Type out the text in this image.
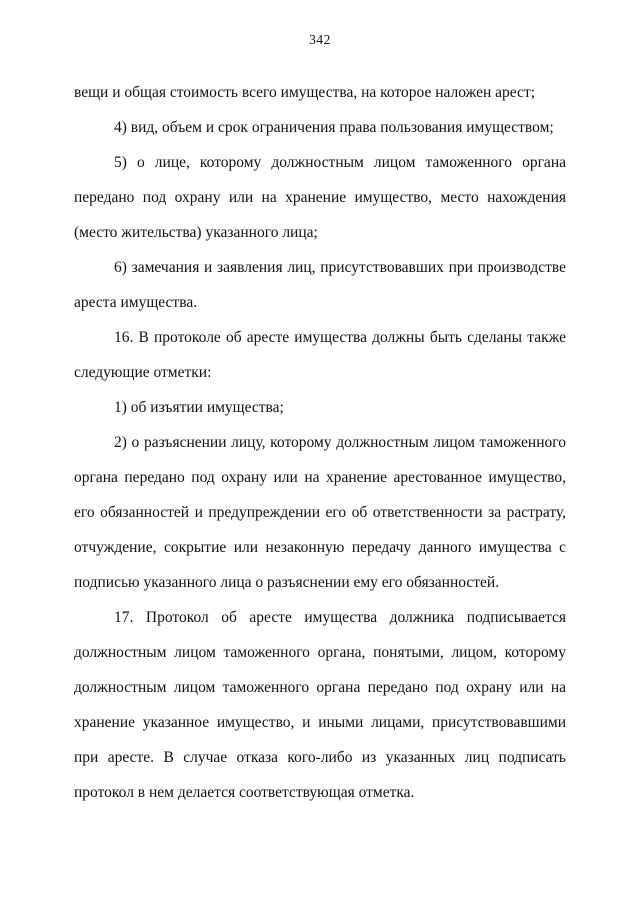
342

вещи и общая стоимость всего имущества, на которое наложен арест;

4) вид, объем и срок ограничения права пользования имуществом;

5) о лице, которому должностным лицом таможенного органа передано под охрану или на хранение имущество, место нахождения (место жительства) указанного лица;

6) замечания и заявления лиц, присутствовавших при производстве ареста имущества.

16. В протоколе об аресте имущества должны быть сделаны также следующие отметки:

1) об изъятии имущества;

2) о разъяснении лицу, которому должностным лицом таможенного органа передано под охрану или на хранение арестованное имущество, его обязанностей и предупреждении его об ответственности за растрату, отчуждение, сокрытие или незаконную передачу данного имущества с подписью указанного лица о разъяснении ему его обязанностей.

17. Протокол об аресте имущества должника подписывается должностным лицом таможенного органа, понятыми, лицом, которому должностным лицом таможенного органа передано под охрану или на хранение указанное имущество, и иными лицами, присутствовавшими при аресте. В случае отказа кого-либо из указанных лиц подписать протокол в нем делается соответствующая отметка.
